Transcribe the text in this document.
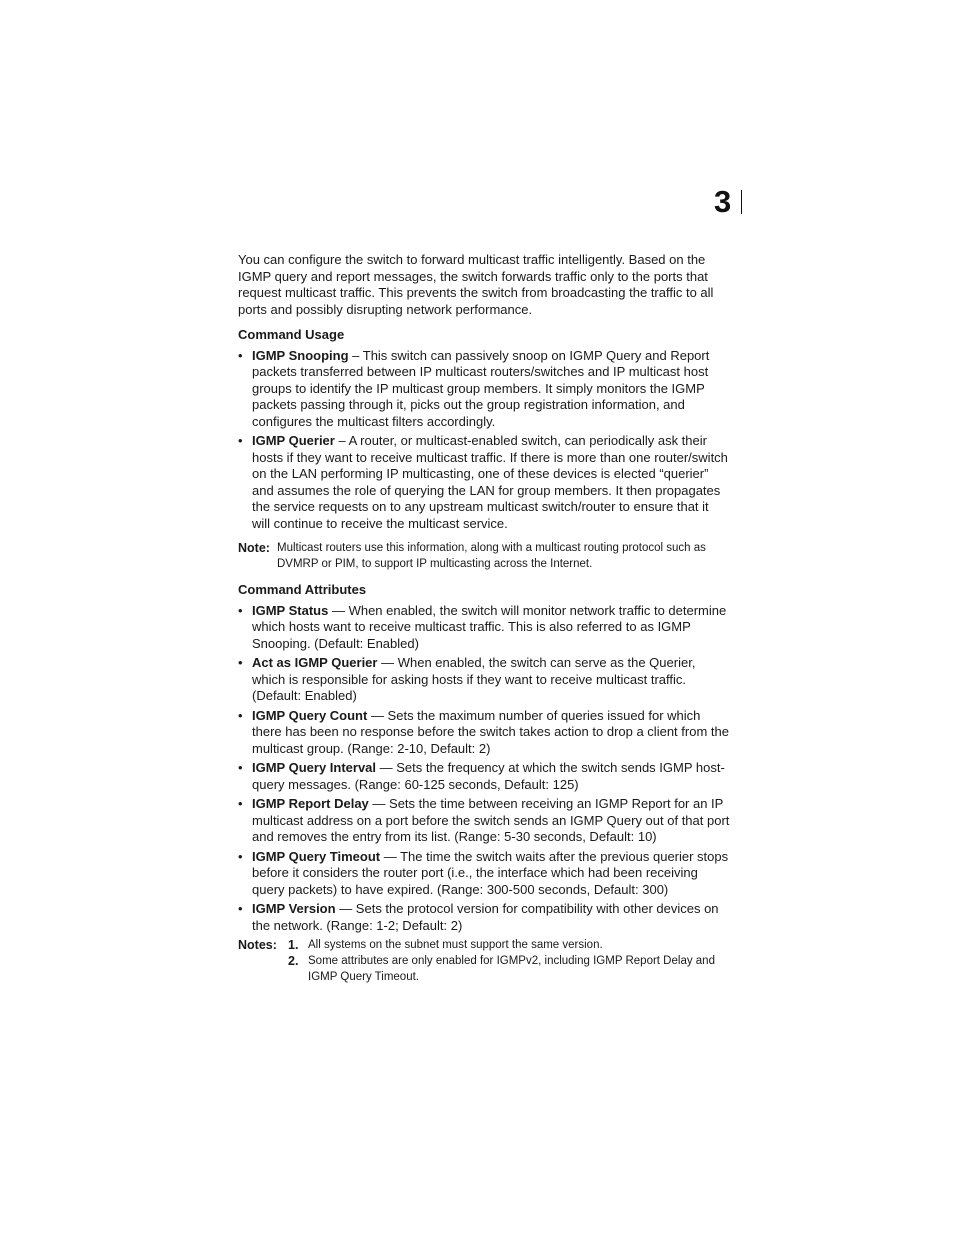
3

You can configure the switch to forward multicast traffic intelligently. Based on the IGMP query and report messages, the switch forwards traffic only to the ports that request multicast traffic. This prevents the switch from broadcasting the traffic to all ports and possibly disrupting network performance.

Command Usage

• IGMP Snooping – This switch can passively snoop on IGMP Query and Report packets transferred between IP multicast routers/switches and IP multicast host groups to identify the IP multicast group members. It simply monitors the IGMP packets passing through it, picks out the group registration information, and configures the multicast filters accordingly.
• IGMP Querier – A router, or multicast-enabled switch, can periodically ask their hosts if they want to receive multicast traffic. If there is more than one router/switch on the LAN performing IP multicasting, one of these devices is elected “querier” and assumes the role of querying the LAN for group members. It then propagates the service requests on to any upstream multicast switch/router to ensure that it will continue to receive the multicast service.
Note: Multicast routers use this information, along with a multicast routing protocol such as DVMRP or PIM, to support IP multicasting across the Internet.

Command Attributes

• IGMP Status — When enabled, the switch will monitor network traffic to determine which hosts want to receive multicast traffic. This is also referred to as IGMP Snooping. (Default: Enabled)
• Act as IGMP Querier — When enabled, the switch can serve as the Querier, which is responsible for asking hosts if they want to receive multicast traffic. (Default: Enabled)
• IGMP Query Count — Sets the maximum number of queries issued for which there has been no response before the switch takes action to drop a client from the multicast group. (Range: 2-10, Default: 2)
• IGMP Query Interval — Sets the frequency at which the switch sends IGMP host-query messages. (Range: 60-125 seconds, Default: 125)
• IGMP Report Delay — Sets the time between receiving an IGMP Report for an IP multicast address on a port before the switch sends an IGMP Query out of that port and removes the entry from its list. (Range: 5-30 seconds, Default: 10)
• IGMP Query Timeout — The time the switch waits after the previous querier stops before it considers the router port (i.e., the interface which had been receiving query packets) to have expired. (Range: 300-500 seconds, Default: 300)
• IGMP Version — Sets the protocol version for compatibility with other devices on the network. (Range: 1-2; Default: 2)
Notes: 1. All systems on the subnet must support the same version.
2. Some attributes are only enabled for IGMPv2, including IGMP Report Delay and IGMP Query Timeout.
